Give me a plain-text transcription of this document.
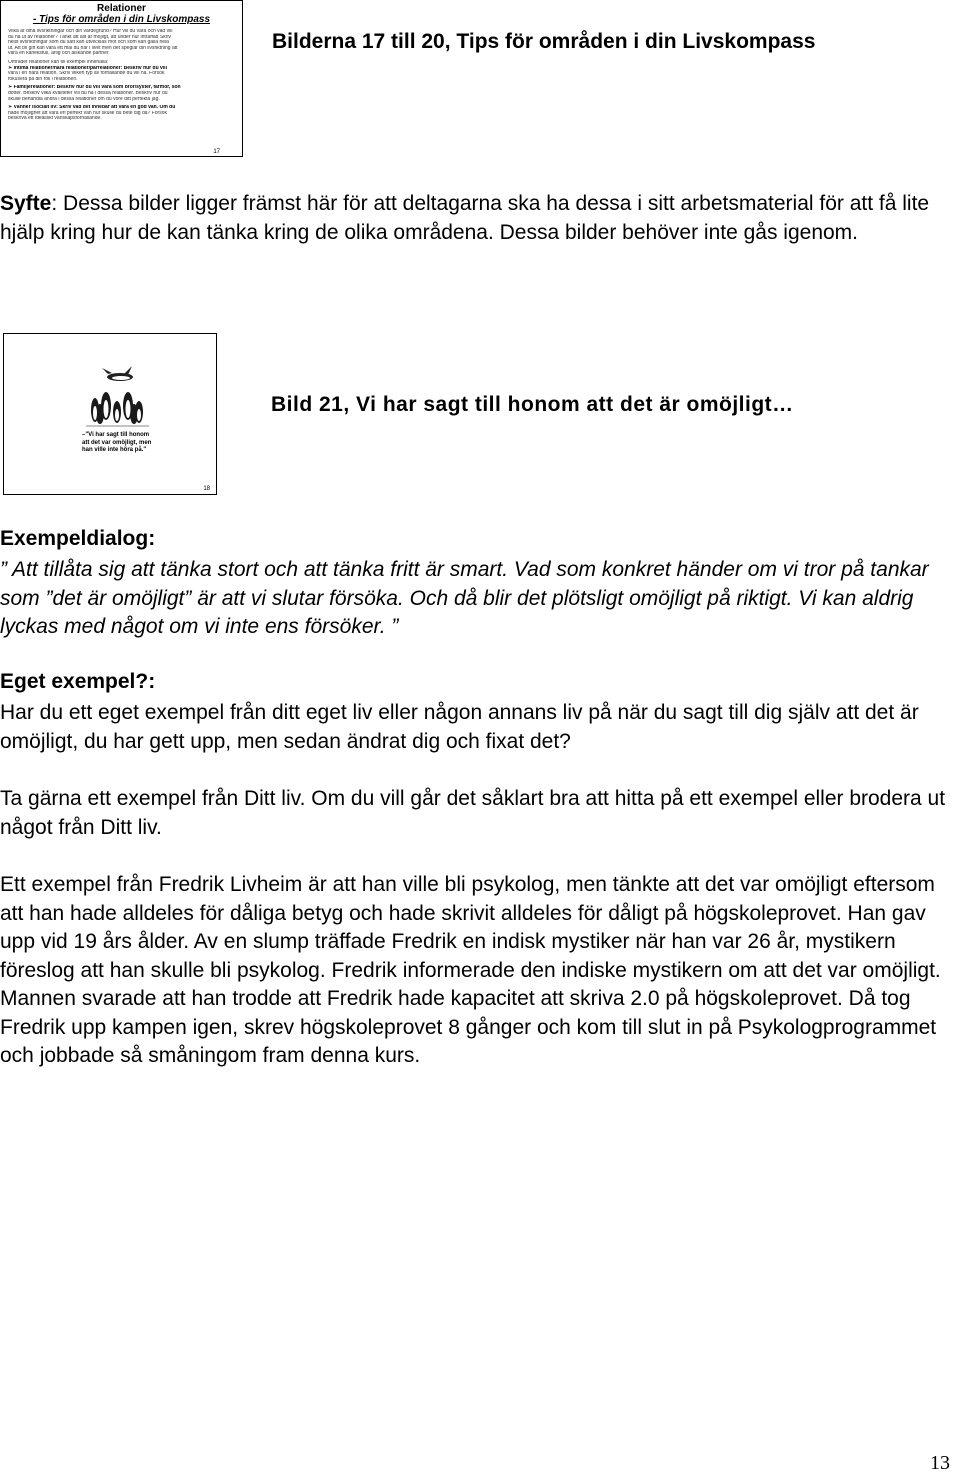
Relationer
- Tips för områden i din Livskompass
Vilka är dina livsriktningar och din värdegrund? Hur vill du vara och vad vill
du ha ut av relationer? Tänkt att allt är möjligt, att under hur intraffad Skriv
helst livsriktningar som du sätt kan utvecklas mot och som kan gälla hela
ut. Att bli gift kan vara ett mål du har i livet men det speglar din livsriktning att
vara en kärleksfull, ärlig och älskande partner.
Området relationer kan till exempel innehålla:
➢ Intima relationer/nära relationer/parrelationer: Beskriv hur du vill
vara i en nära relation. Skriv vilken typ av förhållande du vill ha. Försök
fokusera på din roll i relationen.
➢ Familjerelationer: Beskriv hur du vill vara som bror/syster, farmor, son
dotter. Beskriv vilka kvaliteter vill du ha i dessa relationer. Beskriv hur du
skulle behandla andra i dessa relationer om du vore ditt perfekta jag.
➢ Vänner /socialt liv: Skriv vad det innebär att vara en god vän. Om du
hade möjlighet att vara en perfekt vän hur skulle du bete dig då? Försök
beskriva ett idealiskt vänskapsförhållande.
17
Bilderna 17 till 20, Tips för områden i din Livskompass
Syfte: Dessa bilder ligger främst här för att deltagarna ska ha dessa i sitt arbetsmaterial för att få lite hjälp kring hur de kan tänka kring de olika områdena. Dessa bilder behöver inte gås igenom.
–"Vi har sagt till honom
att det var omöjligt, men
han ville inte höra på."
18
Bild 21, Vi har sagt till honom att det är omöjligt…
Exempeldialog:
” Att tillåta sig att tänka stort och att tänka fritt är smart. Vad som konkret händer om vi tror på tankar som ”det är omöjligt” är att vi slutar försöka. Och då blir det plötsligt omöjligt på riktigt. Vi kan aldrig lyckas med något om vi inte ens försöker. ”
Eget exempel?:
Har du ett eget exempel från ditt eget liv eller någon annans liv på när du sagt till dig själv att det är omöjligt, du har gett upp, men sedan ändrat dig och fixat det?
Ta gärna ett exempel från Ditt liv. Om du vill går det såklart bra att hitta på ett exempel eller brodera ut något från Ditt liv.
Ett exempel från Fredrik Livheim är att han ville bli psykolog, men tänkte att det var omöjligt eftersom att han hade alldeles för dåliga betyg och hade skrivit alldeles för dåligt på högskoleprovet. Han gav upp vid 19 års ålder. Av en slump träffade Fredrik en indisk mystiker när han var 26 år, mystikern föreslog att han skulle bli psykolog. Fredrik informerade den indiske mystikern om att det var omöjligt. Mannen svarade att han trodde att Fredrik hade kapacitet att skriva 2.0 på högskoleprovet. Då tog Fredrik upp kampen igen, skrev högskoleprovet 8 gånger och kom till slut in på Psykologprogrammet och jobbade så småningom fram denna kurs.
13
